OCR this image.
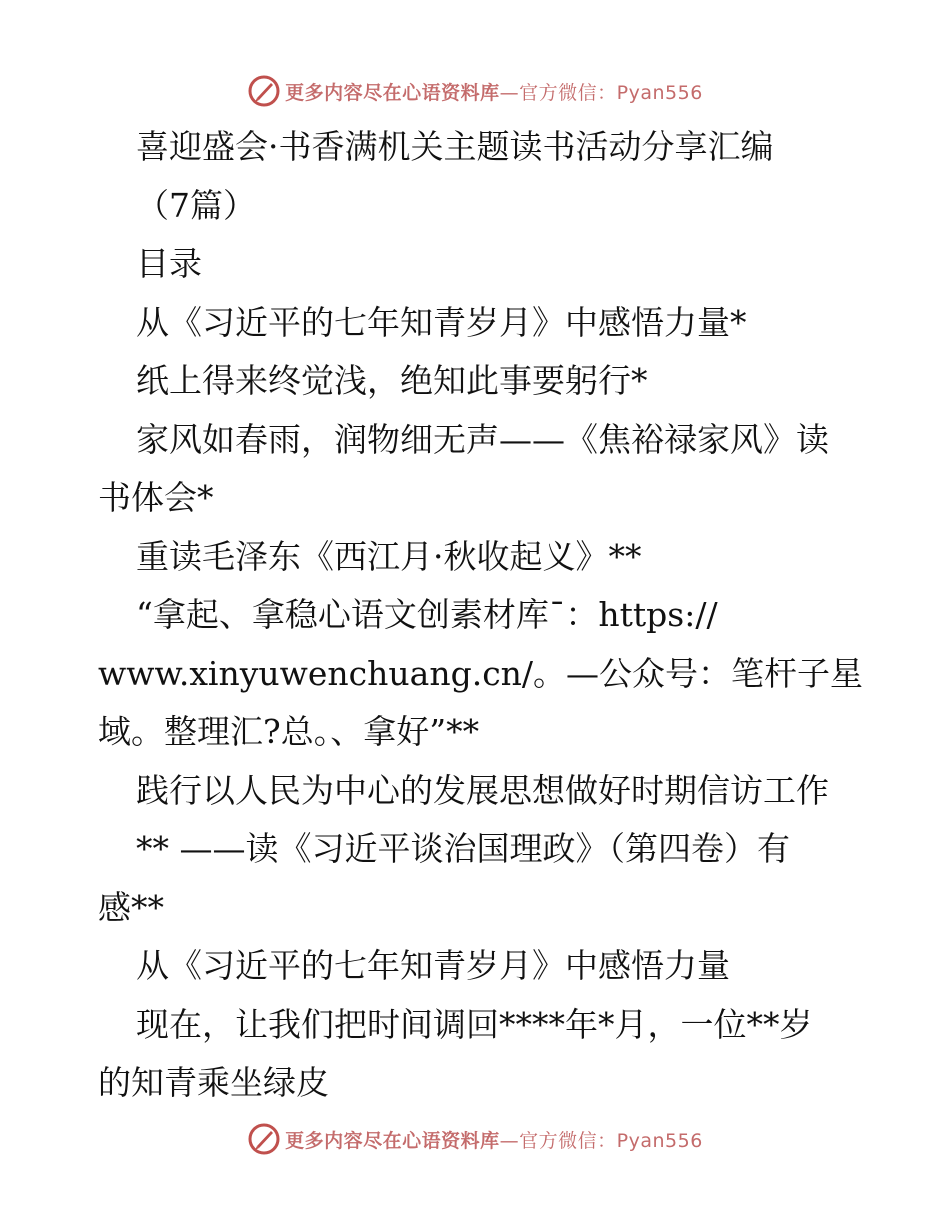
更多内容尽在心语资料库 —官方微信：Pyan556

喜迎盛会·书香满机关主题读书活动分享汇编

（7篇）

目录

从《习近平的七年知青岁月》中感悟力量*

纸上得来终觉浅，绝知此事要躬行*

家风如春雨，润物细无声——《焦裕禄家风》读

书体会*

重读毛泽东《西江月·秋收起义》**

“拿起、拿稳心语文创素材库¯：https://

www.xinyuwenchuang.cn/。—公众号：笔杆子星

域。整理汇?总。、拿好”**

践行以人民为中心的发展思想做好时期信访工作

** ——读《习近平谈治国理政》（第四卷）有

感**

从《习近平的七年知青岁月》中感悟力量

现在，让我们把时间调回****年*月，一位**岁

的知青乘坐绿皮

更多内容尽在心语资料库 —官方微信：Pyan556
